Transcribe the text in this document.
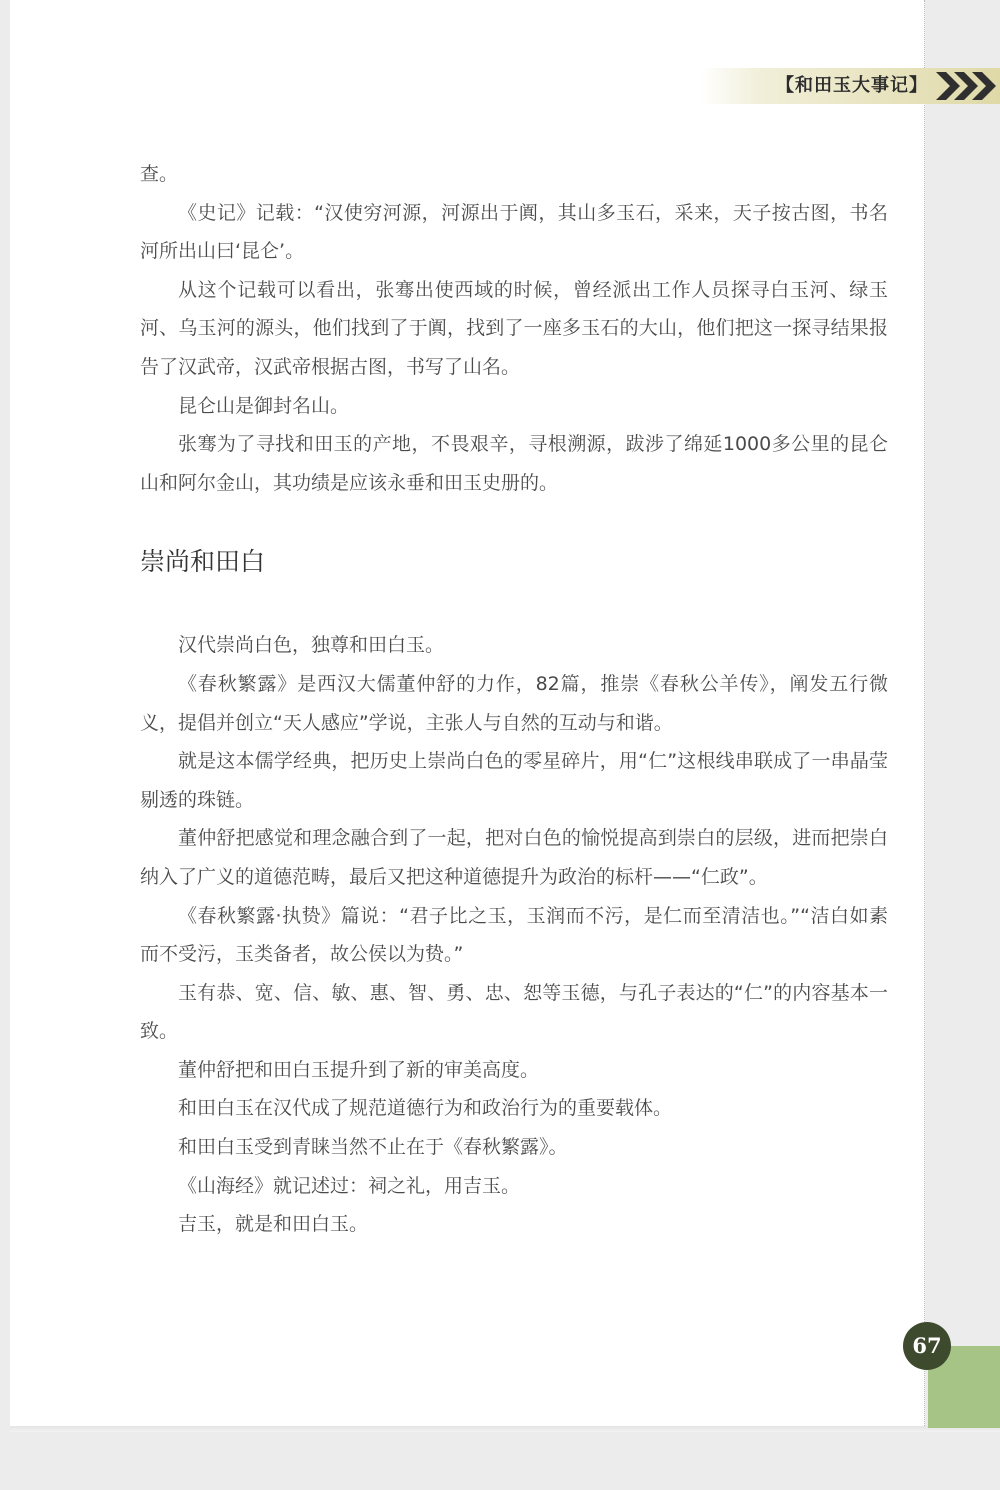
【和田玉大事记】

查。

《史记》记载：“汉使穷河源，河源出于阗，其山多玉石，采来，天子按古图，书名河所出山曰‘昆仑’。

从这个记载可以看出，张骞出使西域的时候，曾经派出工作人员探寻白玉河、绿玉河、乌玉河的源头，他们找到了于阗，找到了一座多玉石的大山，他们把这一探寻结果报告了汉武帝，汉武帝根据古图，书写了山名。

昆仑山是御封名山。

张骞为了寻找和田玉的产地，不畏艰辛，寻根溯源，跋涉了绵延1000多公里的昆仑山和阿尔金山，其功绩是应该永垂和田玉史册的。

崇尚和田白

汉代崇尚白色，独尊和田白玉。

《春秋繁露》是西汉大儒董仲舒的力作，82篇，推崇《春秋公羊传》，阐发五行微义，提倡并创立“天人感应”学说，主张人与自然的互动与和谐。

就是这本儒学经典，把历史上崇尚白色的零星碎片，用“仁”这根线串联成了一串晶莹剔透的珠链。

董仲舒把感觉和理念融合到了一起，把对白色的愉悦提高到崇白的层级，进而把崇白纳入了广义的道德范畴，最后又把这种道德提升为政治的标杆——“仁政”。

《春秋繁露·执贽》篇说：“君子比之玉，玉润而不污，是仁而至清洁也。”“洁白如素而不受污，玉类备者，故公侯以为贽。”

玉有恭、宽、信、敏、惠、智、勇、忠、恕等玉德，与孔子表达的“仁”的内容基本一致。

董仲舒把和田白玉提升到了新的审美高度。

和田白玉在汉代成了规范道德行为和政治行为的重要载体。

和田白玉受到青睐当然不止在于《春秋繁露》。

《山海经》就记述过：祠之礼，用吉玉。

吉玉，就是和田白玉。

67
